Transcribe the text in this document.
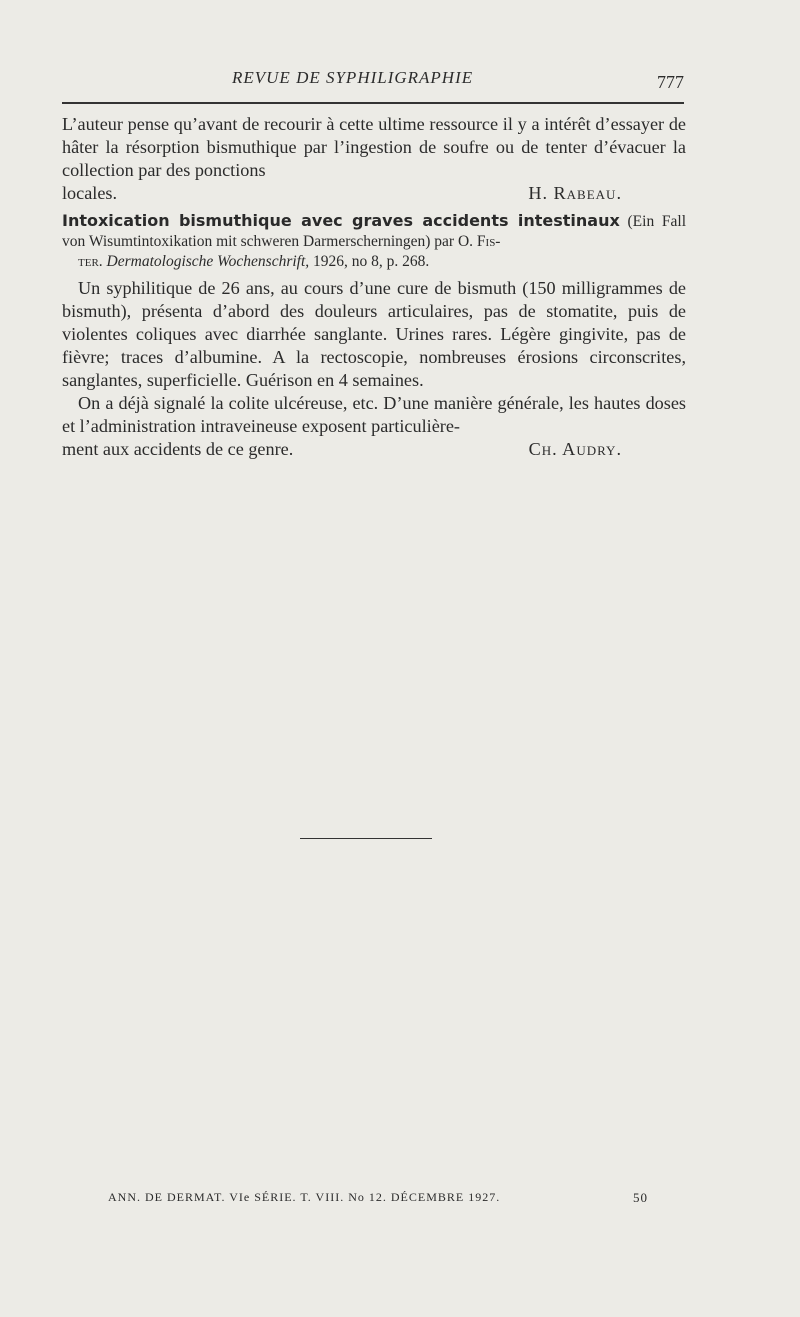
REVUE DE SYPHILIGRAPHIE	777

L’auteur pense qu’avant de recourir à cette ultime ressource il y a intérêt d’essayer de hâter la résorption bismuthique par l’ingestion de soufre ou de tenter d’évacuer la collection par des ponctions

locales.	H. Rabeau.

Intoxication bismuthique avec graves accidents intestinaux (Ein Fall von Wisumtintoxikation mit schweren Darmerscherningen) par O. Fis-
ter. Dermatologische Wochenschrift, 1926, no 8, p. 268.

Un syphilitique de 26 ans, au cours d’une cure de bismuth (150 milligrammes de bismuth), présenta d’abord des douleurs articulaires, pas de stomatite, puis de violentes coliques avec diarrhée sanglante. Urines rares. Légère gingivite, pas de fièvre; traces d’albumine. A la rectoscopie, nombreuses érosions circonscrites, sanglantes, superficielle. Guérison en 4 semaines.

On a déjà signalé la colite ulcéreuse, etc. D’une manière générale, les hautes doses et l’administration intraveineuse exposent particulière-

ment aux accidents de ce genre.	Ch. Audry.

ANN. DE DERMAT. VIe SÉRIE. T. VIII. No 12. DÉCEMBRE 1927.	50
